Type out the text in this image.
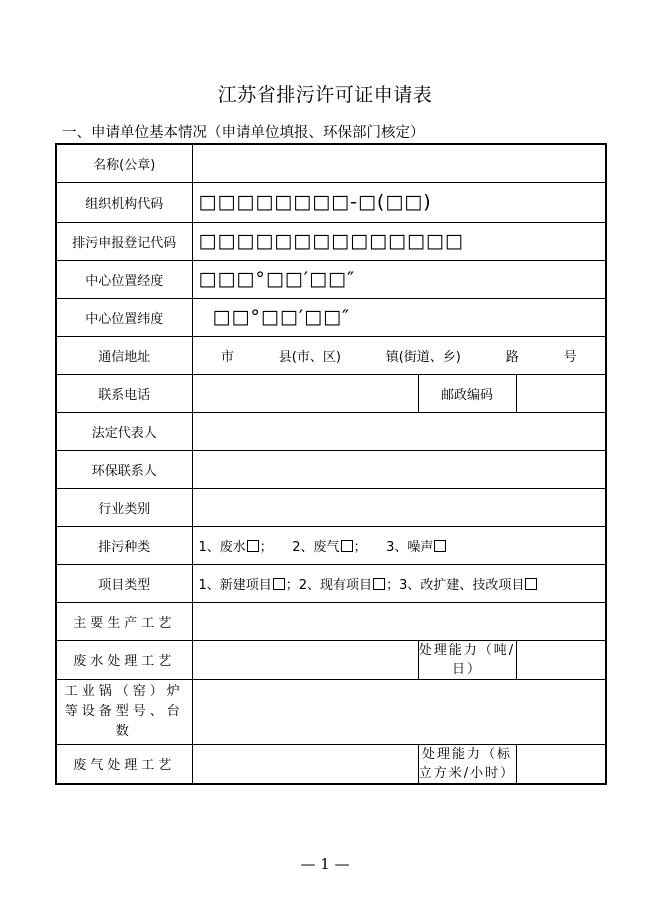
江苏省排污许可证申请表
一、申请单位基本情况（申请单位填报、环保部门核定）
名称(公章)			
组织机构代码	□□□□□□□□-□(□□)		
排污申报登记代码	□□□□□□□□□□□□□□		
中心位置经度	□□□°□□′□□″		
中心位置纬度	□□°□□′□□″		
通信地址	市 县(市、区) 镇(街道、乡) 路 号		

联系电话		邮政编码	
法定代表人			
环保联系人			
行业类别			
排污种类	1、废水 ；　　2、废气 ；　　3、噪声		

项目类型	1、新建项目 ；2、现有项目 ；3、改扩建、技改项目		

主要生产工艺			
废水处理工艺		处理能力（吨/日）	
工业锅（窑）炉等设备型号、台数			
废气处理工艺		处理能力（标立方米/小时）	
— 1 —
